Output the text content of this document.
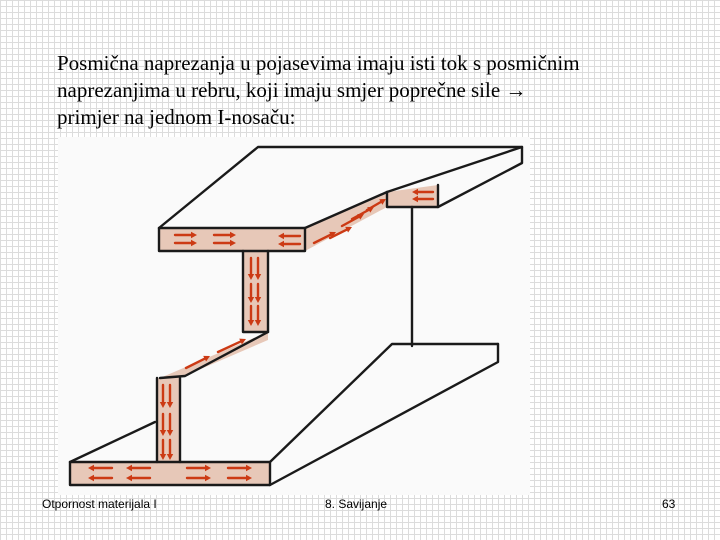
Posmična naprezanja u pojasevima imaju isti tok s posmičnim
naprezanjima u rebru, koji imaju smjer poprečne sile →
primjer na jednom I-nosaču:
Otpornost materijala I	8. Savijanje	63
